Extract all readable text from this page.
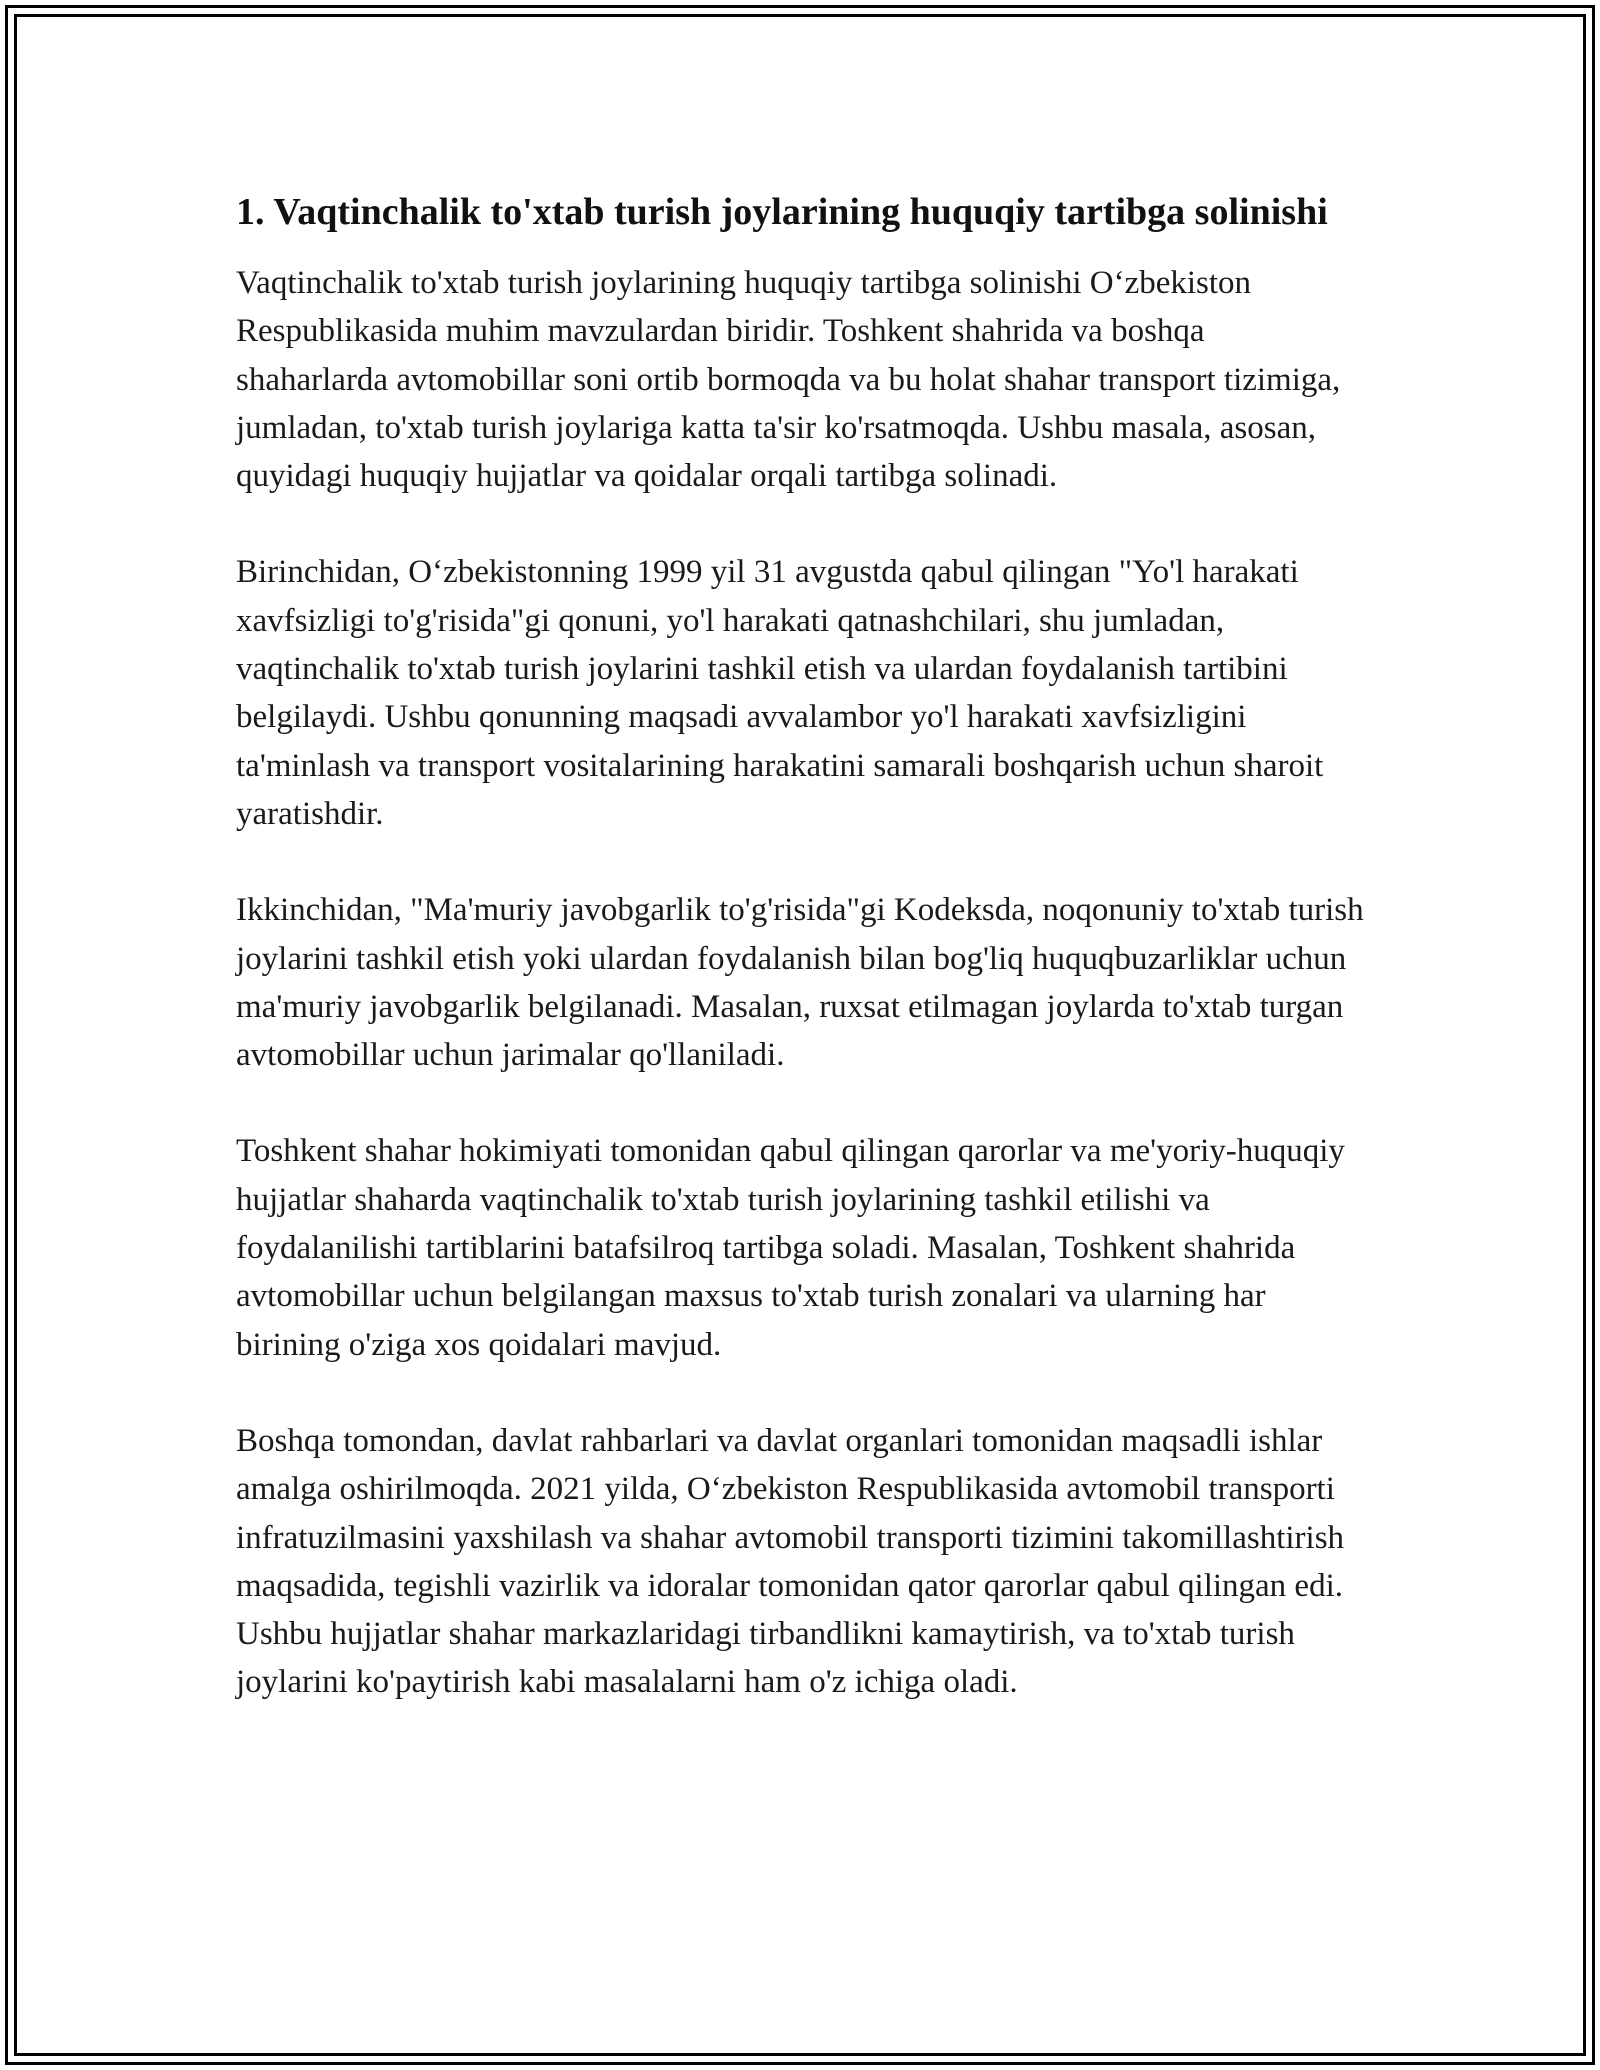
1. Vaqtinchalik to'xtab turish joylarining huquqiy tartibga solinishi

Vaqtinchalik to'xtab turish joylarining huquqiy tartibga solinishi O‘zbekiston Respublikasida muhim mavzulardan biridir. Toshkent shahrida va boshqa shaharlarda avtomobillar soni ortib bormoqda va bu holat shahar transport tizimiga, jumladan, to'xtab turish joylariga katta ta'sir ko'rsatmoqda. Ushbu masala, asosan, quyidagi huquqiy hujjatlar va qoidalar orqali tartibga solinadi.

Birinchidan, O‘zbekistonning 1999 yil 31 avgustda qabul qilingan "Yo'l harakati xavfsizligi to'g'risida"gi qonuni, yo'l harakati qatnashchilari, shu jumladan, vaqtinchalik to'xtab turish joylarini tashkil etish va ulardan foydalanish tartibini belgilaydi. Ushbu qonunning maqsadi avvalambor yo'l harakati xavfsizligini ta'minlash va transport vositalarining harakatini samarali boshqarish uchun sharoit yaratishdir.

Ikkinchidan, "Ma'muriy javobgarlik to'g'risida"gi Kodeksda, noqonuniy to'xtab turish joylarini tashkil etish yoki ulardan foydalanish bilan bog'liq huquqbuzarliklar uchun ma'muriy javobgarlik belgilanadi. Masalan, ruxsat etilmagan joylarda to'xtab turgan avtomobillar uchun jarimalar qo'llaniladi.

Toshkent shahar hokimiyati tomonidan qabul qilingan qarorlar va me'yoriy-huquqiy hujjatlar shaharda vaqtinchalik to'xtab turish joylarining tashkil etilishi va foydalanilishi tartiblarini batafsilroq tartibga soladi. Masalan, Toshkent shahrida avtomobillar uchun belgilangan maxsus to'xtab turish zonalari va ularning har birining o'ziga xos qoidalari mavjud.

Boshqa tomondan, davlat rahbarlari va davlat organlari tomonidan maqsadli ishlar amalga oshirilmoqda. 2021 yilda, O‘zbekiston Respublikasida avtomobil transporti infratuzilmasini yaxshilash va shahar avtomobil transporti tizimini takomillashtirish maqsadida, tegishli vazirlik va idoralar tomonidan qator qarorlar qabul qilingan edi. Ushbu hujjatlar shahar markazlaridagi tirbandlikni kamaytirish, va to'xtab turish joylarini ko'paytirish kabi masalalarni ham o'z ichiga oladi.
